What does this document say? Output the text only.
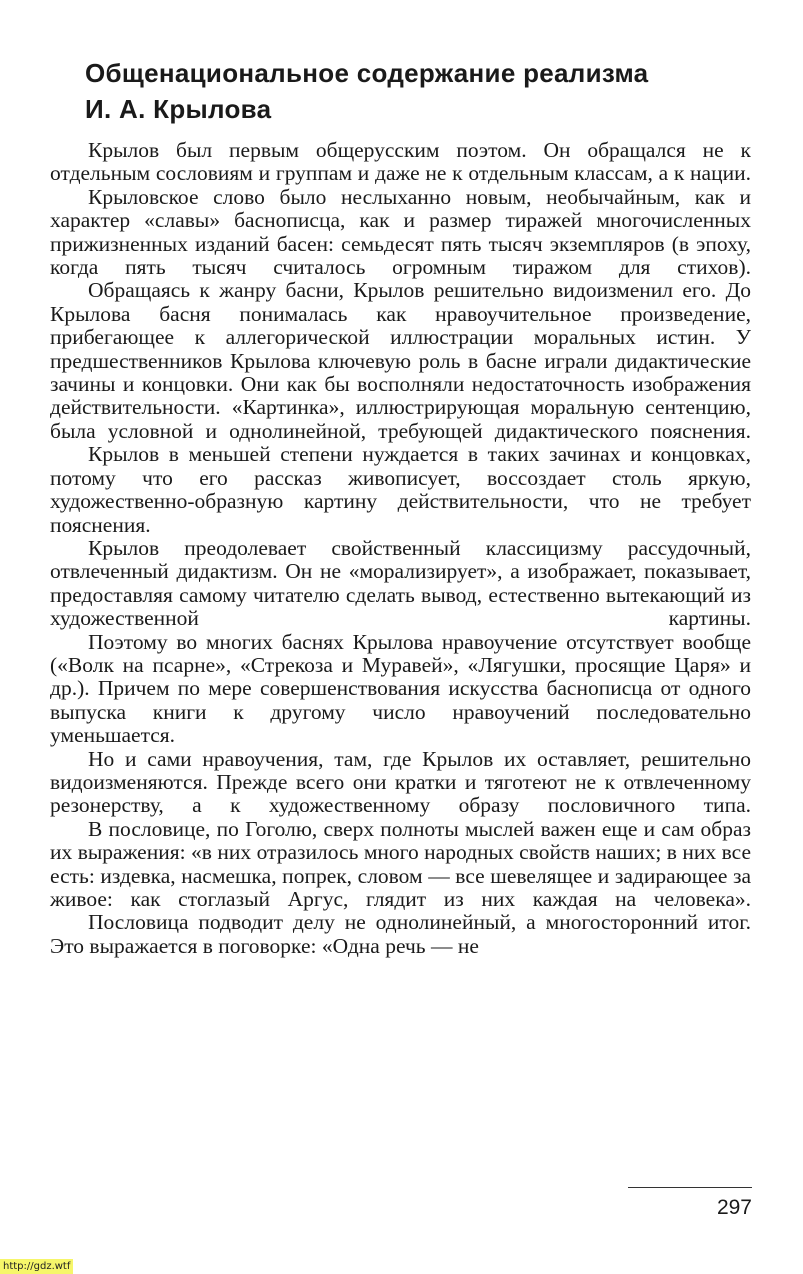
Общенациональное содержание реализма
И. А. Крылова

Крылов был первым общерусским поэтом. Он обращался не к отдельным сословиям и группам и даже не к отдельным классам, а к нации.

Крыловское слово было неслыханно новым, необычайным, как и характер «славы» баснописца, как и размер тиражей многочисленных прижизненных изданий басен: семьдесят пять тысяч экземпляров (в эпоху, когда пять тысяч считалось огромным тиражом для стихов).

Обращаясь к жанру басни, Крылов решительно видоизменил его. До Крылова басня понималась как нравоучительное произведение, прибегающее к аллегорической иллюстрации моральных истин. У предшественников Крылова ключевую роль в басне играли дидактические зачины и концовки. Они как бы восполняли недостаточность изображения действительности. «Картинка», иллюстрирующая моральную сентенцию, была условной и однолинейной, требующей дидактического пояснения.

Крылов в меньшей степени нуждается в таких зачинах и концовках, потому что его рассказ живописует, воссоздает столь яркую, художественно-образную картину действительности, что не требует пояснения.

Крылов преодолевает свойственный классицизму рассудочный, отвлеченный дидактизм. Он не «морализирует», а изображает, показывает, предоставляя самому читателю сделать вывод, естественно вытекающий из художественной картины.

Поэтому во многих баснях Крылова нравоучение отсутствует вообще («Волк на псарне», «Стрекоза и Муравей», «Лягушки, просящие Царя» и др.). Причем по мере совершенствования искусства баснописца от одного выпуска книги к другому число нравоучений последовательно уменьшается.

Но и сами нравоучения, там, где Крылов их оставляет, решительно видоизменяются. Прежде всего они кратки и тяготеют не к отвлеченному резонерству, а к художественному образу пословичного типа.

В пословице, по Гоголю, сверх полноты мыслей важен еще и сам образ их выражения: «в них отразилось много народных свойств наших; в них все есть: издевка, насмешка, попрек, словом — все шевелящее и задирающее за живое: как стоглазый Аргус, глядит из них каждая на человека».

Пословица подводит делу не однолинейный, а многосторонний итог. Это выражается в поговорке: «Одна речь — не

297
http://gdz.wtf
